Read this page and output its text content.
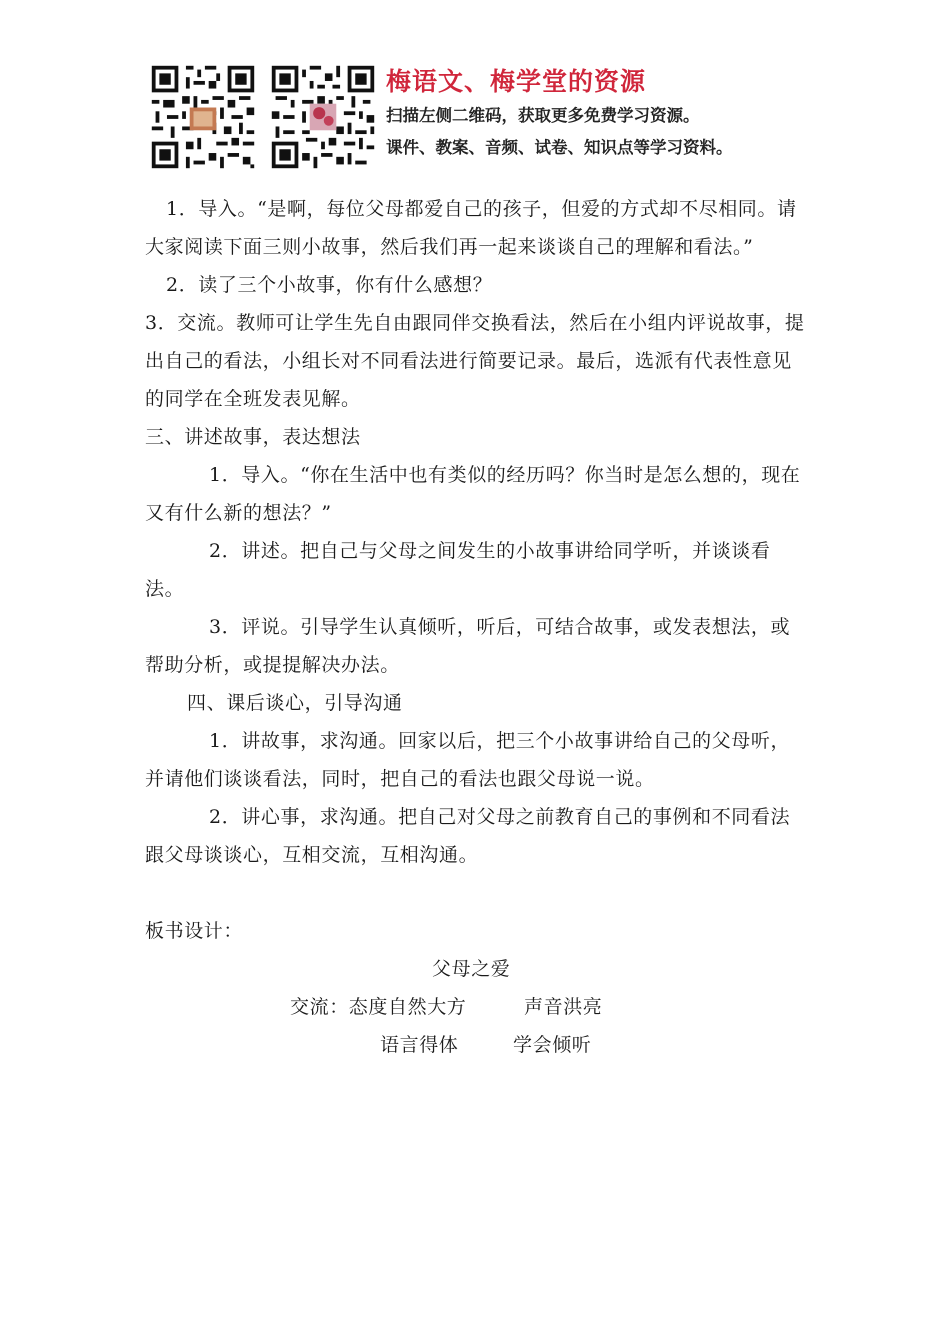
梅语文、梅学堂的资源
扫描左侧二维码，获取更多免费学习资源。
课件、教案、音频、试卷、知识点等学习资料。

1．导入。“是啊，每位父母都爱自己的孩子，但爱的方式却不尽相同。请大家阅读下面三则小故事，然后我们再一起来谈谈自己的理解和看法。”

2．读了三个小故事，你有什么感想？

3．交流。教师可让学生先自由跟同伴交换看法，然后在小组内评说故事，提出自己的看法，小组长对不同看法进行简要记录。最后，选派有代表性意见的同学在全班发表见解。

三、讲述故事，表达想法

1．导入。“你在生活中也有类似的经历吗？你当时是怎么想的，现在又有什么新的想法？”

2．讲述。把自己与父母之间发生的小故事讲给同学听，并谈谈看法。

3．评说。引导学生认真倾听，听后，可结合故事，或发表想法，或帮助分析，或提提解决办法。

四、课后谈心，引导沟通

1．讲故事，求沟通。回家以后，把三个小故事讲给自己的父母听，并请他们谈谈看法，同时，把自己的看法也跟父母说一说。

2．讲心事，求沟通。把自己对父母之前教育自己的事例和不同看法跟父母谈谈心，互相交流，互相沟通。

板书设计：

父母之爱
交流：态度自然大方	声音洪亮
语言得体	学会倾听
